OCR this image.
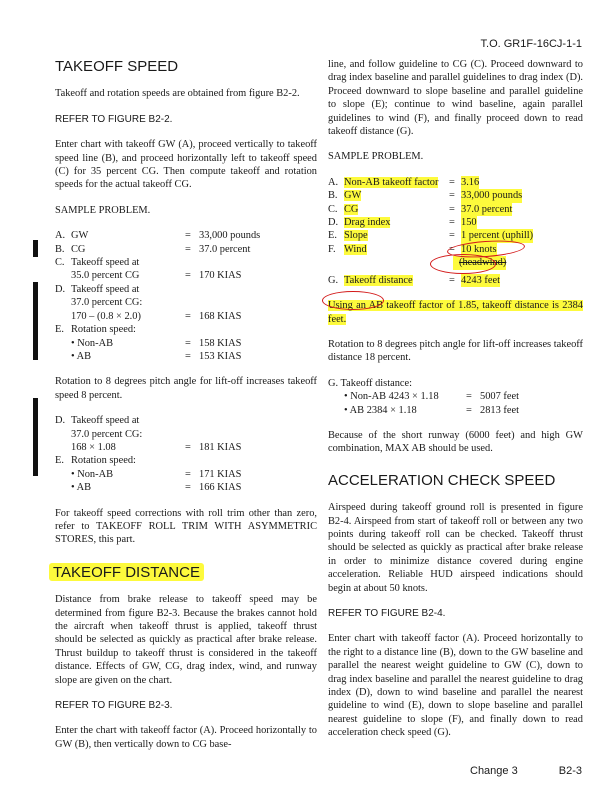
T.O. GR1F-16CJ-1-1
TAKEOFF SPEED

Takeoff and rotation speeds are obtained from figure B2-2.

REFER TO FIGURE B2-2.

Enter chart with takeoff GW (A), proceed vertically to takeoff speed line (B), and proceed horizontally left to takeoff speed (C) for 35 percent CG. Then compute takeoff and rotation speeds for the actual takeoff CG.

SAMPLE PROBLEM.
A. GW	= 33,000 pounds
B. CG	= 37.0 percent
C. Takeoff speed at
35.0 percent CG	= 170 KIAS
D. Takeoff speed at
37.0 percent CG:
170 – (0.8 × 2.0)	= 168 KIAS
E. Rotation speed:
• Non-AB	= 158 KIAS
• AB	= 153 KIAS

Rotation to 8 degrees pitch angle for lift-off increases takeoff speed 8 percent.

D. Takeoff speed at
37.0 percent CG:
168 × 1.08	= 181 KIAS
E. Rotation speed:
• Non-AB	= 171 KIAS
• AB	= 166 KIAS

For takeoff speed corrections with roll trim other than zero, refer to TAKEOFF ROLL TRIM WITH ASYMMETRIC STORES, this part.

TAKEOFF DISTANCE

Distance from brake release to takeoff speed may be determined from figure B2-3. Because the brakes cannot hold the aircraft when takeoff thrust is applied, takeoff thrust should be selected as quickly as practical after brake release. Thrust buildup to takeoff thrust is considered in the takeoff distance. Effects of GW, CG, drag index, wind, and runway slope are given on the chart.

REFER TO FIGURE B2-3.

Enter the chart with takeoff factor (A). Proceed horizontally to GW (B), then vertically down to CG base-

line, and follow guideline to CG (C). Proceed downward to drag index baseline and parallel guidelines to drag index (D). Proceed downward to slope baseline and parallel guideline to slope (E); continue to wind baseline, again parallel guidelines to wind (F), and finally proceed down to read takeoff distance (G).

SAMPLE PROBLEM.
A. Non-AB takeoff factor	= 3.16
B. GW	= 33,000 pounds
C. CG	= 37.0 percent
D. Drag index	= 150
E. Slope	= 1 percent (uphill)
F. Wind	= 10 knots
(headwind)
G. Takeoff distance	= 4243 feet

Using an AB takeoff factor of 1.85, takeoff distance is 2384 feet.

Rotation to 8 degrees pitch angle for lift-off increases takeoff distance 18 percent.

G. Takeoff distance:
• Non-AB 4243 × 1.18	= 5007 feet
• AB 2384 × 1.18	= 2813 feet

Because of the short runway (6000 feet) and high GW combination, MAX AB should be used.

ACCELERATION CHECK SPEED

Airspeed during takeoff ground roll is presented in figure B2-4. Airspeed from start of takeoff roll or between any two points during takeoff roll can be checked. Takeoff thrust should be selected as quickly as practical after brake release in order to minimize distance covered during engine acceleration. Reliable HUD airspeed indications should begin at about 50 knots.

REFER TO FIGURE B2-4.

Enter chart with takeoff factor (A). Proceed horizontally to the right to a distance line (B), down to the GW baseline and parallel the nearest weight guideline to GW (C), down to drag index baseline and parallel the nearest guideline to drag index (D), down to wind baseline and parallel the nearest guideline to wind (E), down to slope baseline and parallel nearest guideline to slope (F), and finally down to read acceleration check speed (G).

Change 3	B2-3
